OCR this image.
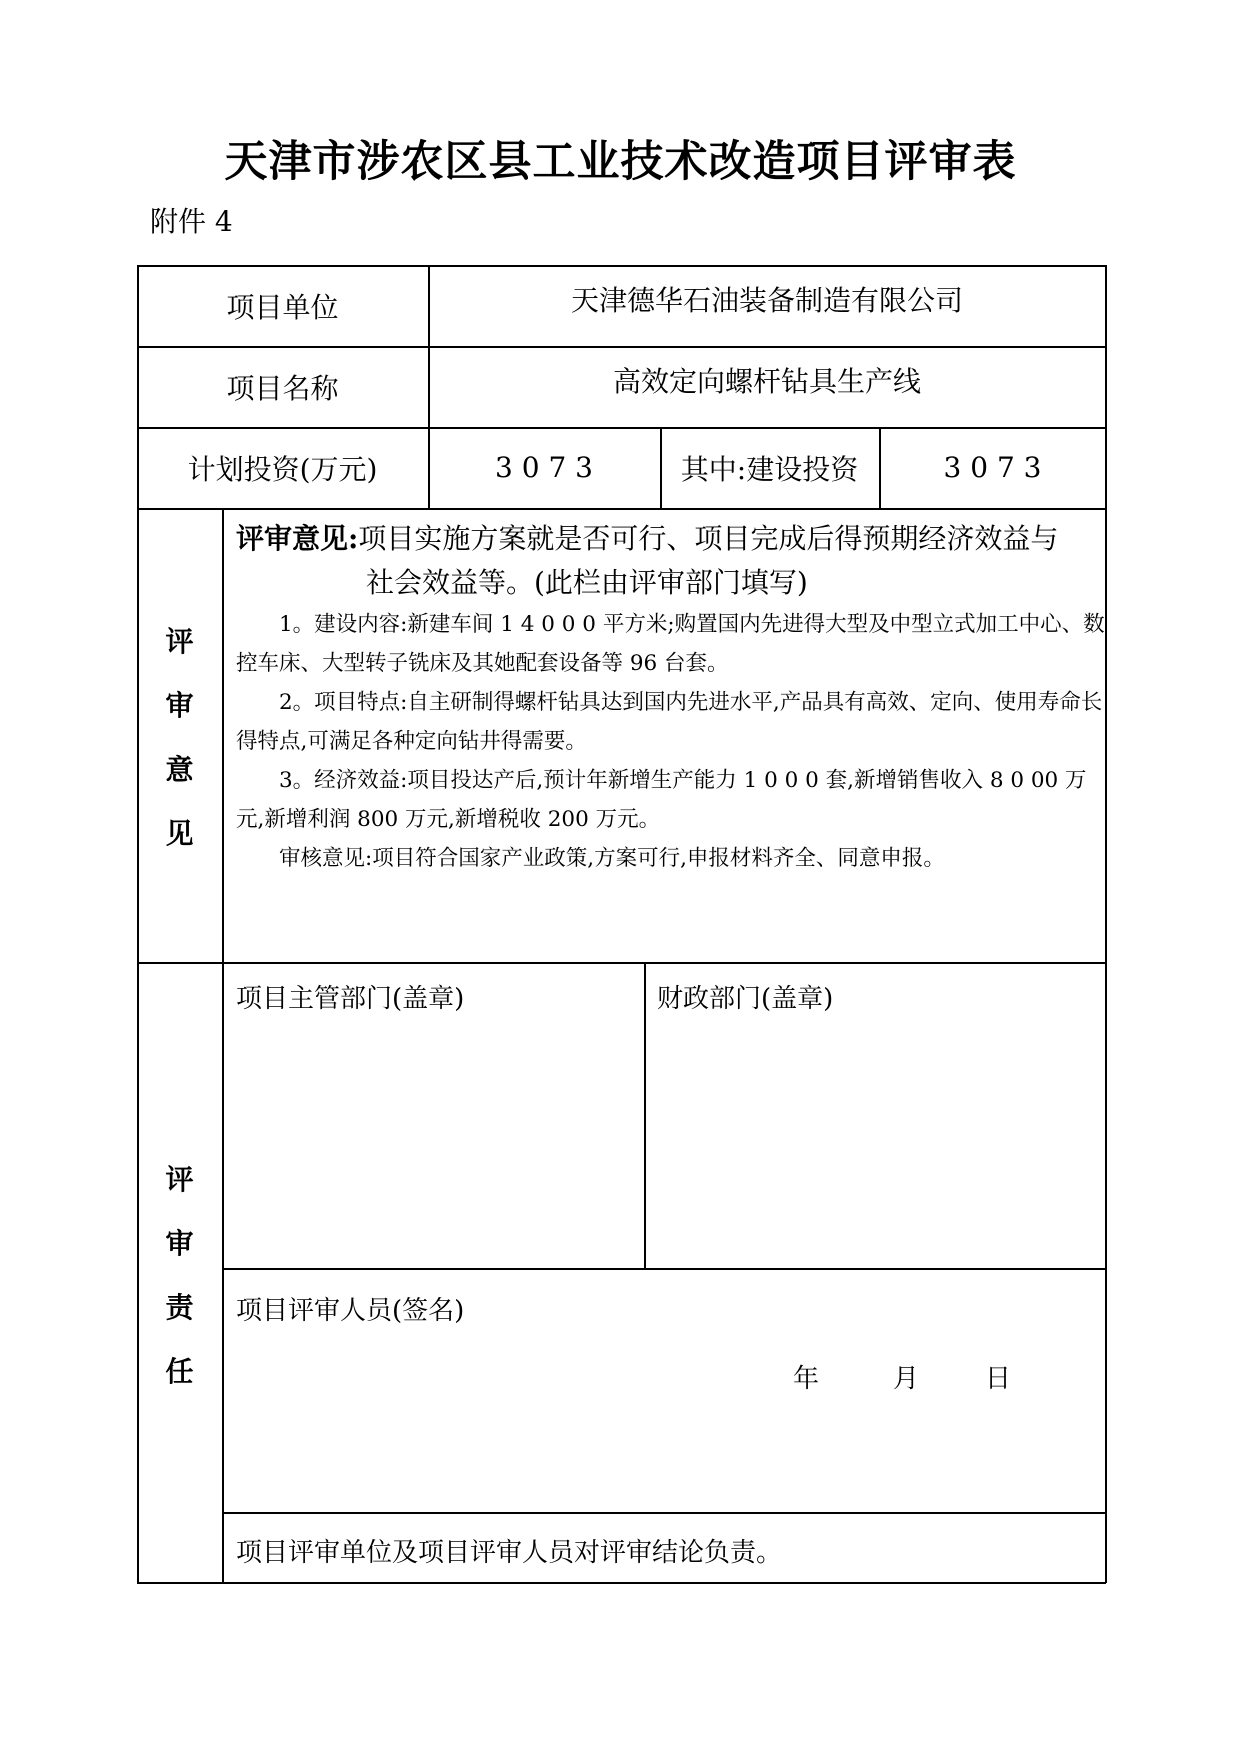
天津市涉农区县工业技术改造项目评审表
附件 4
项目单位	天津德华石油装备制造有限公司
项目名称	高效定向螺杆钻具生产线
计划投资(万元)	3 0 7 3	其中:建设投资	3 0 7 3
评
审
意
见

评审意见:项目实施方案就是否可行、项目完成后得预期经济效益与

社会效益等。(此栏由评审部门填写)

1。建设内容:新建车间 1 4 0 0 0 平方米;购置国内先进得大型及中型立式加工中心、数控车床、大型转子铣床及其她配套设备等 96 台套。

2。项目特点:自主研制得螺杆钻具达到国内先进水平,产品具有高效、定向、使用寿命长得特点,可满足各种定向钻井得需要。

3。经济效益:项目投达产后,预计年新增生产能力 1 0 0 0 套,新增销售收入 8 0 00 万元,新增利润 800 万元,新增税收 200 万元。

审核意见:项目符合国家产业政策,方案可行,申报材料齐全、同意申报。

评
审
责
任
项目主管部门(盖章)	财政部门(盖章)
项目评审人员(签名)
年	月	日
项目评审单位及项目评审人员对评审结论负责。
